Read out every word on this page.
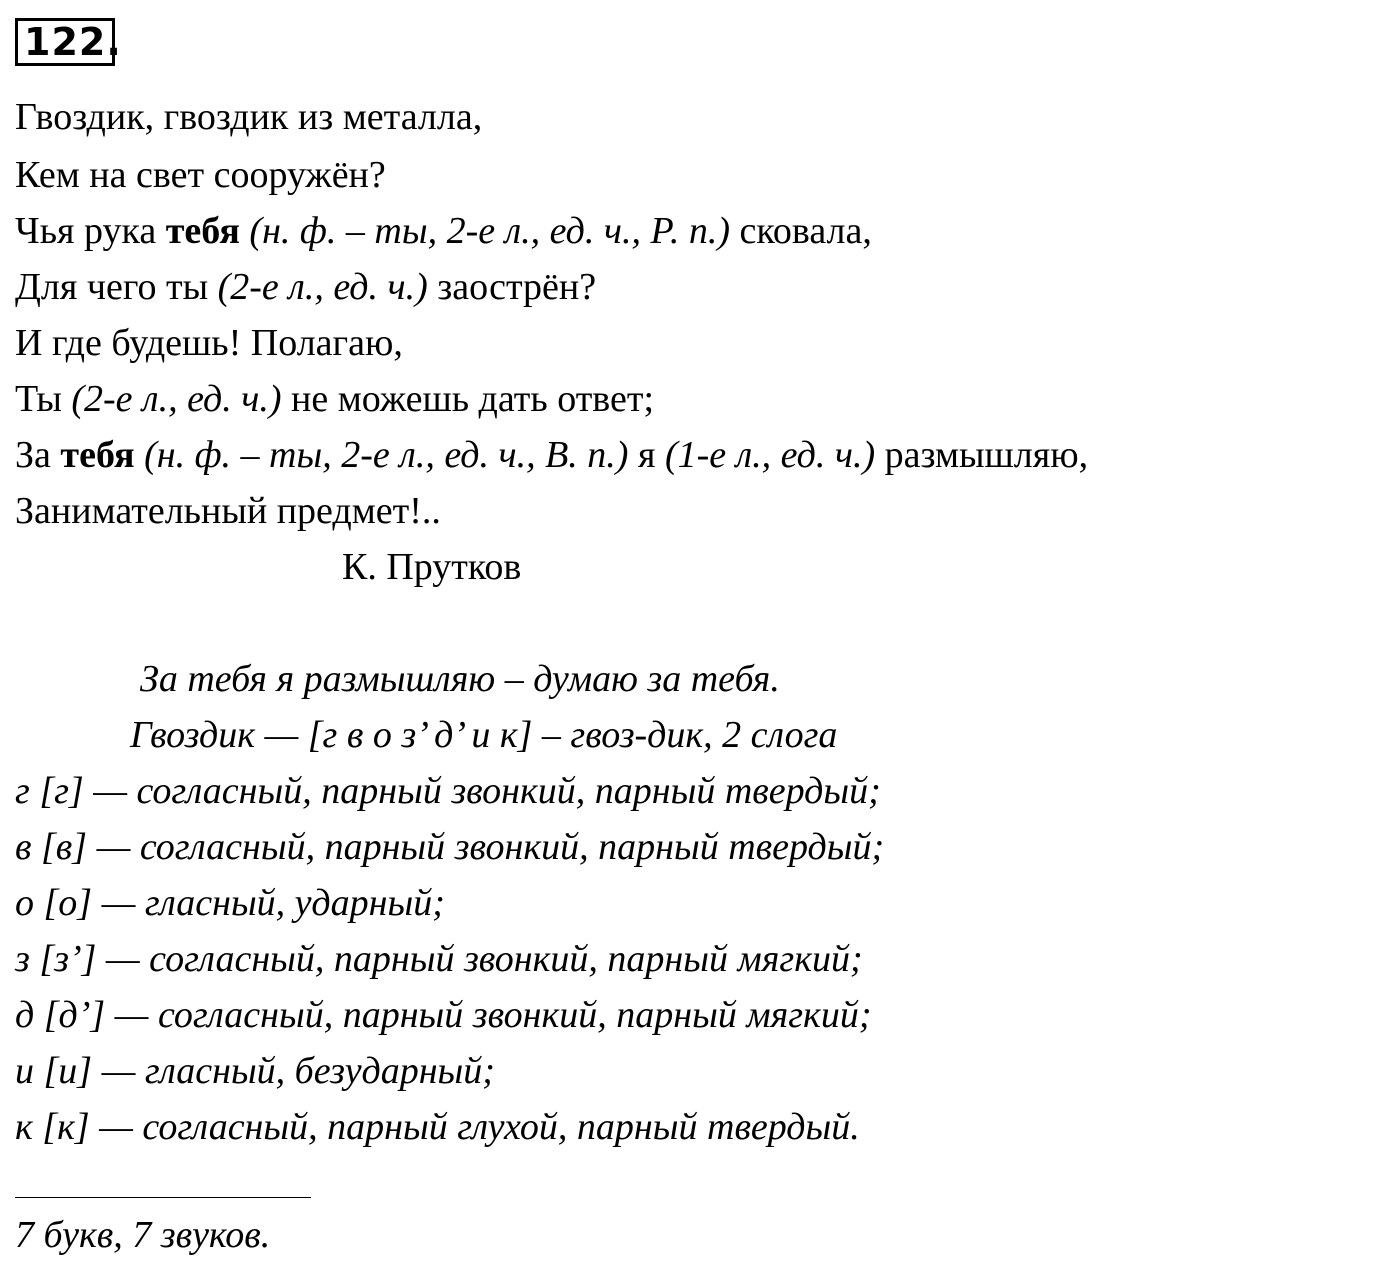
122.
Гвоздик, гвоздик из металла,
Кем на свет сооружён?
Чья рука тебя (н. ф. – ты, 2-е л., ед. ч., Р. п.) сковала,
Для чего ты (2-е л., ед. ч.) заострён?
И где будешь! Полагаю,
Ты (2-е л., ед. ч.) не можешь дать ответ;
За тебя (н. ф. – ты, 2-е л., ед. ч., В. п.) я (1-е л., ед. ч.) размышляю,
Занимательный предмет!..
К. Прутков
За тебя я размышляю – думаю за тебя.
Гвоздик — [г в о з’ д’ и к] – гвоз-дик, 2 слога
г [г] — согласный, парный звонкий, парный твердый;
в [в] — согласный, парный звонкий, парный твердый;
о [о] — гласный, ударный;
з [з’] — согласный, парный звонкий, парный мягкий;
д [д’] — согласный, парный звонкий, парный мягкий;
и [и] — гласный, безударный;
к [к] — согласный, парный глухой, парный твердый.
7 букв, 7 звуков.
